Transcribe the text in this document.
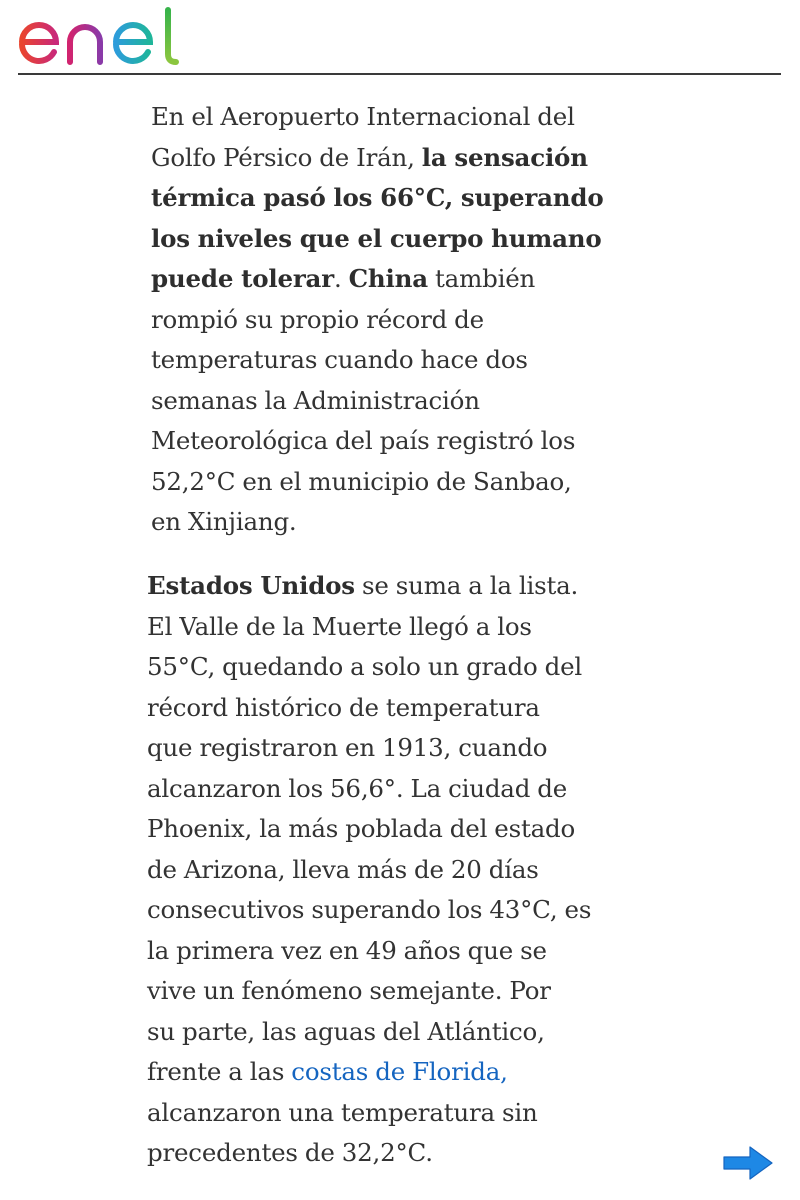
En el Aeropuerto Internacional del
Golfo Pérsico de Irán, la sensación
térmica pasó los 66°C, superando
los niveles que el cuerpo humano
puede tolerar. China también
rompió su propio récord de
temperaturas cuando hace dos
semanas la Administración
Meteorológica del país registró los
52,2°C en el municipio de Sanbao,
en Xinjiang.

Estados Unidos se suma a la lista.
El Valle de la Muerte llegó a los
55°C, quedando a solo un grado del
récord histórico de temperatura
que registraron en 1913, cuando
alcanzaron los 56,6°. La ciudad de
Phoenix, la más poblada del estado
de Arizona, lleva más de 20 días
consecutivos superando los 43°C, es
la primera vez en 49 años que se
vive un fenómeno semejante. Por
su parte, las aguas del Atlántico,
frente a las costas de Florida,
alcanzaron una temperatura sin
precedentes de 32,2°C.
